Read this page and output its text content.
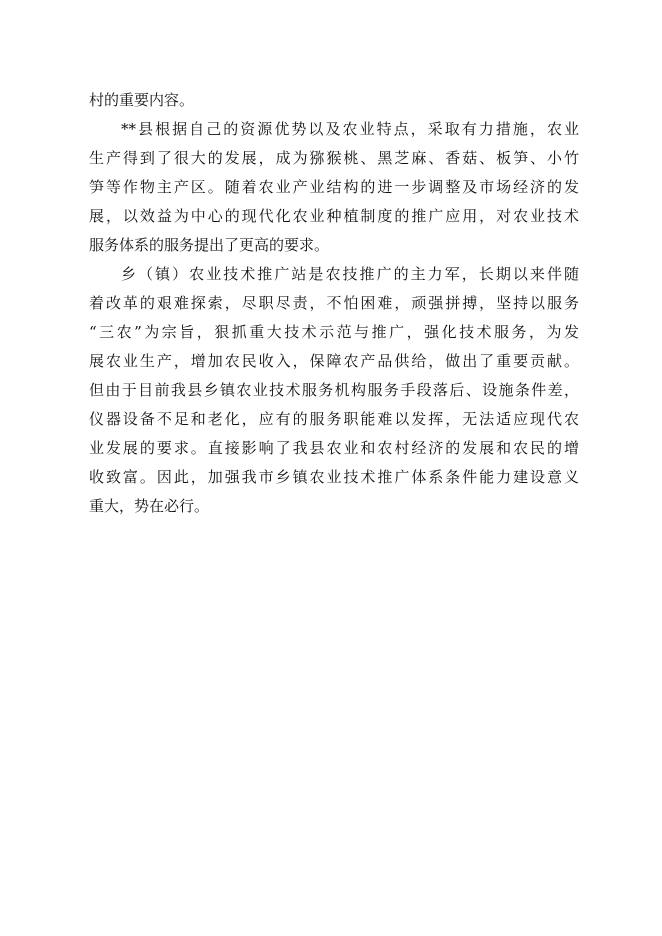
村的重要内容。
**县根据自己的资源优势以及农业特点，采取有力措施，农业
生产得到了很大的发展，成为猕猴桃、黑芝麻、香菇、板笋、小竹
笋等作物主产区。随着农业产业结构的进一步调整及市场经济的发
展，以效益为中心的现代化农业种植制度的推广应用，对农业技术
服务体系的服务提出了更高的要求。
乡（镇）农业技术推广站是农技推广的主力军，长期以来伴随
着改革的艰难探索，尽职尽责，不怕困难，顽强拼搏，坚持以服务
“三农”为宗旨，狠抓重大技术示范与推广，强化技术服务，为发
展农业生产，增加农民收入，保障农产品供给，做出了重要贡献。
但由于目前我县乡镇农业技术服务机构服务手段落后、设施条件差，
仪器设备不足和老化，应有的服务职能难以发挥，无法适应现代农
业发展的要求。直接影响了我县农业和农村经济的发展和农民的增
收致富。因此，加强我市乡镇农业技术推广体系条件能力建设意义
重大，势在必行。
